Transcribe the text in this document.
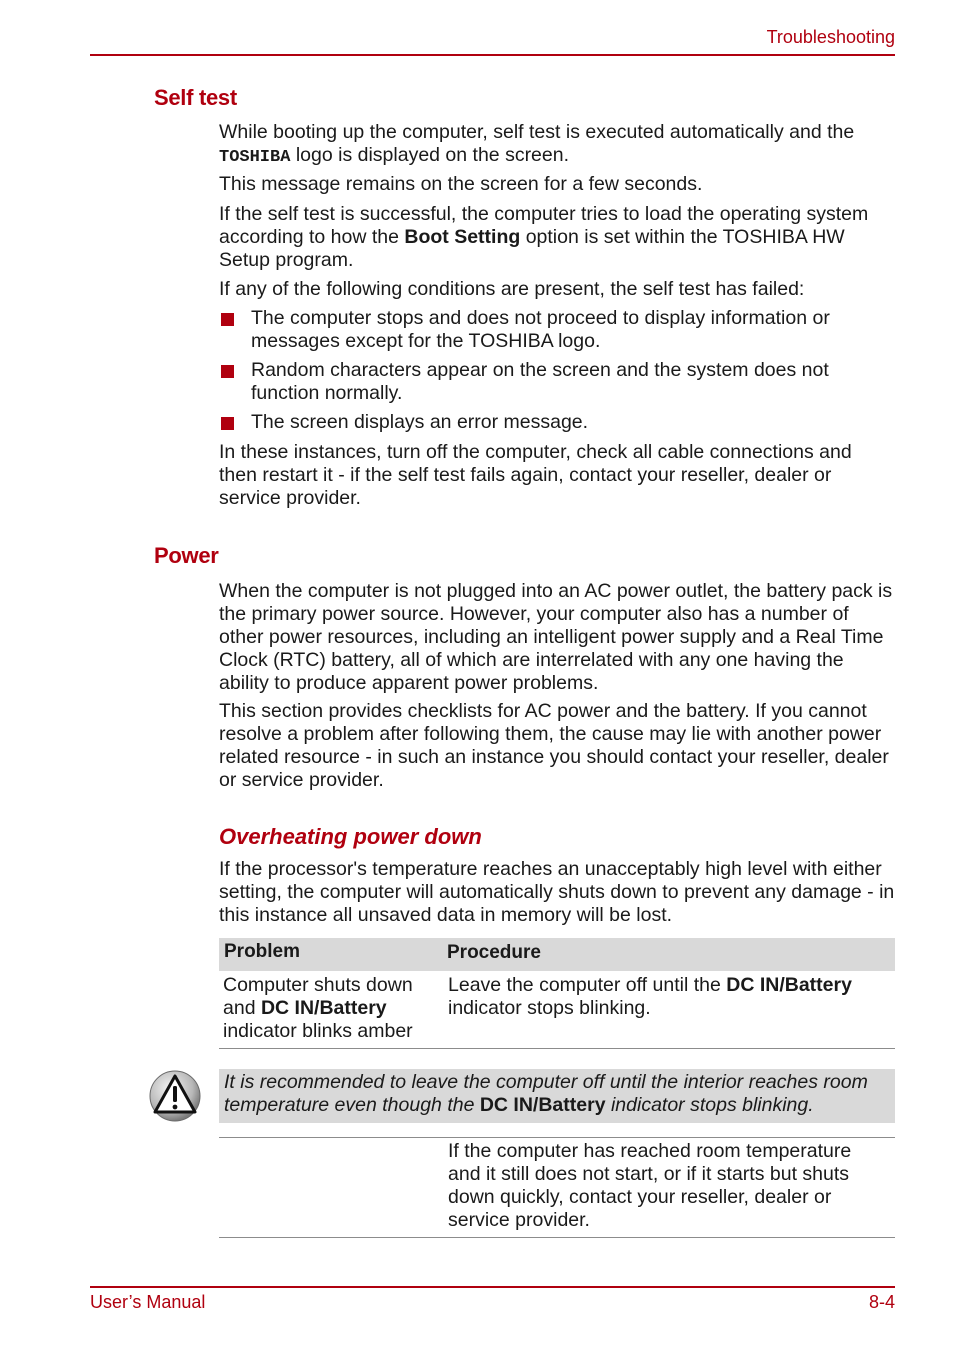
Troubleshooting
Self test

While booting up the computer, self test is executed automatically and the
TOSHIBA logo is displayed on the screen.

This message remains on the screen for a few seconds.

If the self test is successful, the computer tries to load the operating system according to how the Boot Setting option is set within the TOSHIBA HW Setup program.

If any of the following conditions are present, the self test has failed:

The computer stops and does not proceed to display information or messages except for the TOSHIBA logo.
Random characters appear on the screen and the system does not function normally.
The screen displays an error message.

In these instances, turn off the computer, check all cable connections and then restart it - if the self test fails again, contact your reseller, dealer or service provider.

Power

When the computer is not plugged into an AC power outlet, the battery pack is the primary power source. However, your computer also has a number of other power resources, including an intelligent power supply and a Real Time Clock (RTC) battery, all of which are interrelated with any one having the ability to produce apparent power problems.

This section provides checklists for AC power and the battery. If you cannot resolve a problem after following them, the cause may lie with another power related resource - in such an instance you should contact your reseller, dealer or service provider.

Overheating power down

If the processor's temperature reaches an unacceptably high level with either setting, the computer will automatically shuts down to prevent any damage - in this instance all unsaved data in memory will be lost.

Problem	Procedure
Computer shuts down and DC IN/Battery indicator blinks amber
Leave the computer off until the DC IN/Battery indicator stops blinking.
It is recommended to leave the computer off until the interior reaches room temperature even though the DC IN/Battery indicator stops blinking.
If the computer has reached room temperature and it still does not start, or if it starts but shuts down quickly, contact your reseller, dealer or service provider.
User’s Manual	8-4
